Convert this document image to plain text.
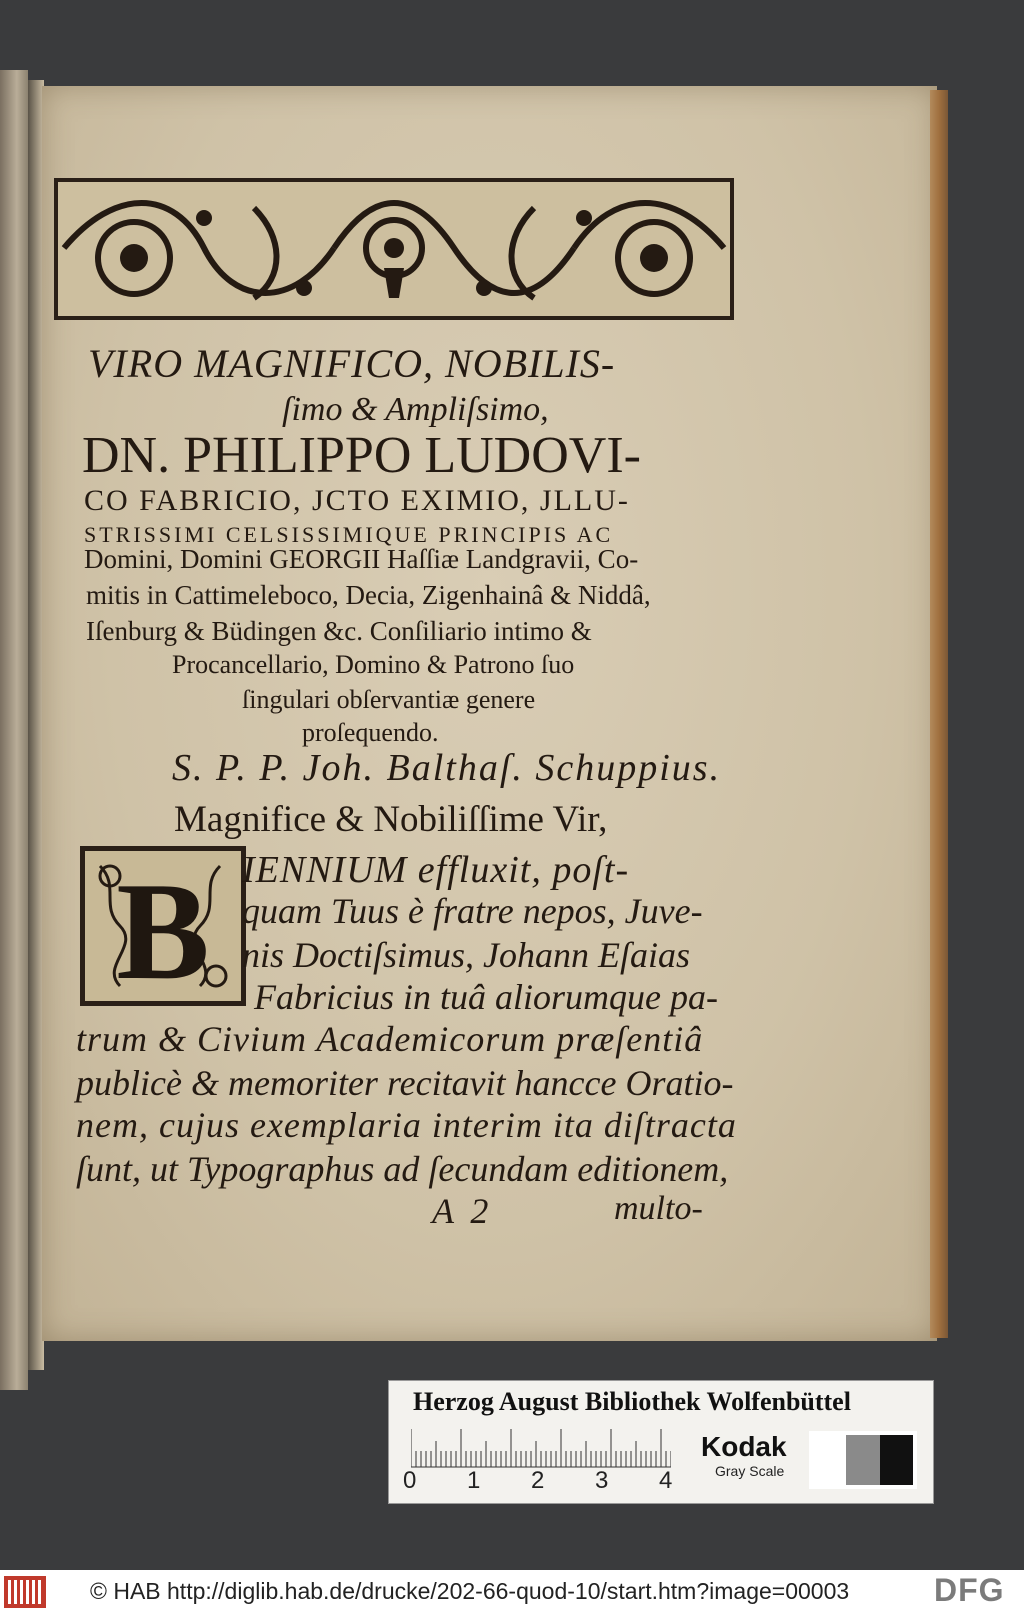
VIRO MAGNIFICO, NOBILIS-
ſimo & Ampliſsimo,
DN. PHILIPPO LUDOVI-
CO FABRICIO, JCTO EXIMIO, JLLU-
STRISSIMI CELSISSIMIQUE PRINCIPIS AC
Domini, Domini GEORGII Haſſiæ Landgravii, Co-
mitis in Cattimeleboco, Decia, Zigenhainâ & Niddâ,
Iſenburg & Büdingen &c. Conſiliario intimo &
Procancellario, Domino & Patrono ſuo
ſingulari obſervantiæ genere
proſequendo.
S. P. P. Joh. Balthaſ. Schuppius.
Magnifice & Nobiliſſime Vir,
B IENNIUM effluxit, poſt-
quam Tuus è fratre nepos, Juve-
nis Doctiſsimus, Johann Eſaias
Fabricius in tuâ aliorumque pa-
trum & Civium Academicorum præſentiâ
publicè & memoriter recitavit hancce Oratio-
nem, cujus exemplaria interim ita diſtracta
ſunt, ut Typographus ad ſecundam editionem,
A 2	multo-
Herzog August Bibliothek Wolfenbüttel
0 1 2 3 4
Kodak
Gray Scale
© HAB http://diglib.hab.de/drucke/202-66-quod-10/start.htm?image=00003	DFG
